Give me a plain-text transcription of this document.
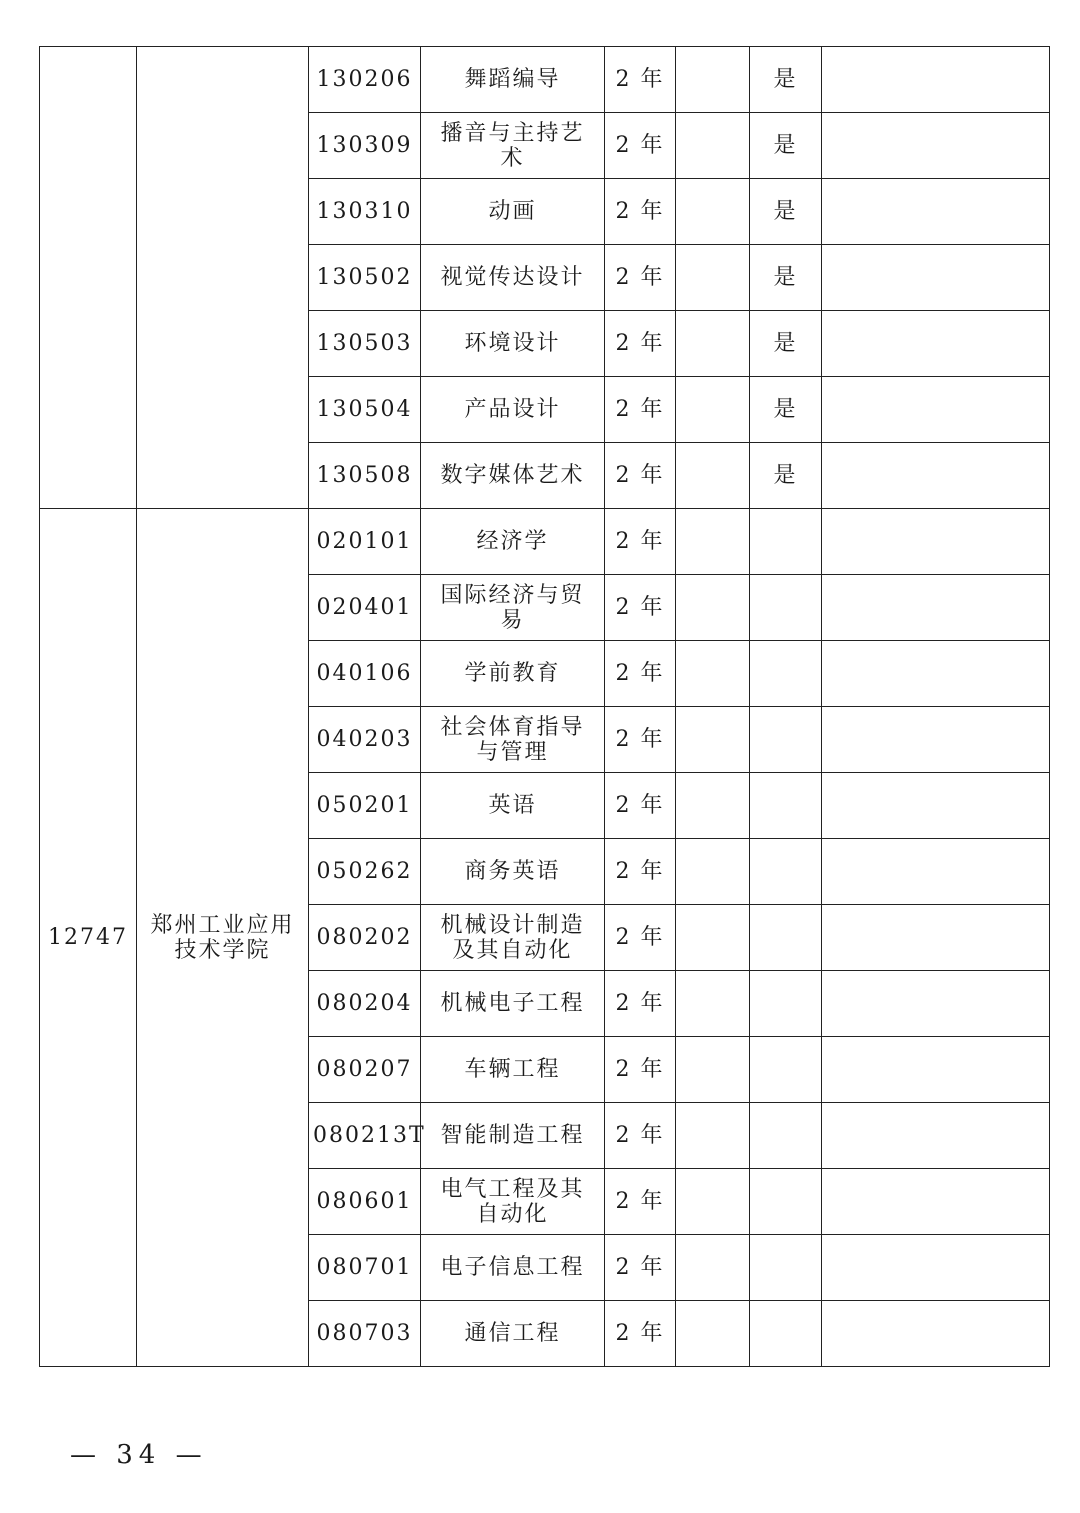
		130206	舞蹈编导	2 年		是	
		130309	播音与主持艺术	2 年		是	
		130310	动画	2 年		是	
		130502	视觉传达设计	2 年		是	
		130503	环境设计	2 年		是	
		130504	产品设计	2 年		是	
		130508	数字媒体艺术	2 年		是	
12747	郑州工业应用技术学院	020101	经济学	2 年			
		020401	国际经济与贸易	2 年			
		040106	学前教育	2 年			
		040203	社会体育指导与管理	2 年			
		050201	英语	2 年			
		050262	商务英语	2 年			
		080202	机械设计制造及其自动化	2 年			
		080204	机械电子工程	2 年			
		080207	车辆工程	2 年			
		080213T	智能制造工程	2 年			
		080601	电气工程及其自动化	2 年			
		080701	电子信息工程	2 年			
		080703	通信工程	2 年			
— 34 —
